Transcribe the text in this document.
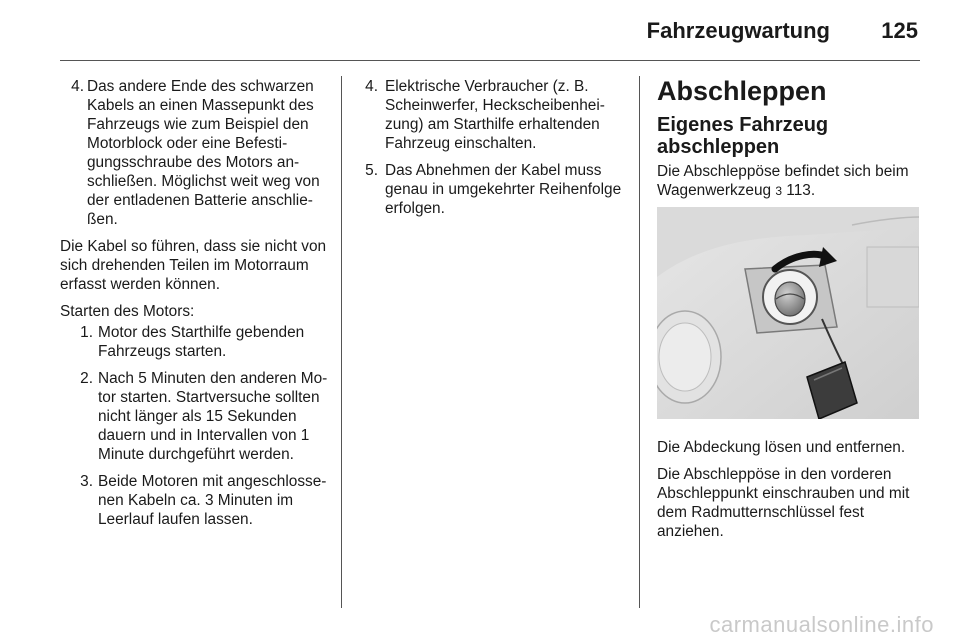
Fahrzeugwartung 125
4. Das andere Ende des schwarzen Kabels an einen Massepunkt des Fahrzeugs wie zum Beispiel den Motorblock oder eine Befestigungsschraube des Motors anschließen. Möglichst weit weg von der entladenen Batterie anschließen.

Die Kabel so führen, dass sie nicht von sich drehenden Teilen im Motorraum erfasst werden können.

Starten des Motors:

1. Motor des Starthilfe gebenden Fahrzeugs starten.
2. Nach 5 Minuten den anderen Motor starten. Startversuche sollten nicht länger als 15 Sekunden dauern und in Intervallen von 1 Minute durchgeführt werden.
3. Beide Motoren mit angeschlossenen Kabeln ca. 3 Minuten im Leerlauf laufen lassen.
4. Elektrische Verbraucher (z. B. Scheinwerfer, Heckscheibenheizung) am Starthilfe erhaltenden Fahrzeug einschalten.
5. Das Abnehmen der Kabel muss genau in umgekehrter Reihenfolge erfolgen.
Abschleppen
Eigenes Fahrzeug abschleppen

Die Abschleppöse befindet sich beim Wagenwerkzeug 3 113.

Die Abdeckung lösen und entfernen.

Die Abschleppöse in den vorderen Abschleppunkt einschrauben und mit dem Radmutternschlüssel fest anziehen.

carmanualsonline.info
